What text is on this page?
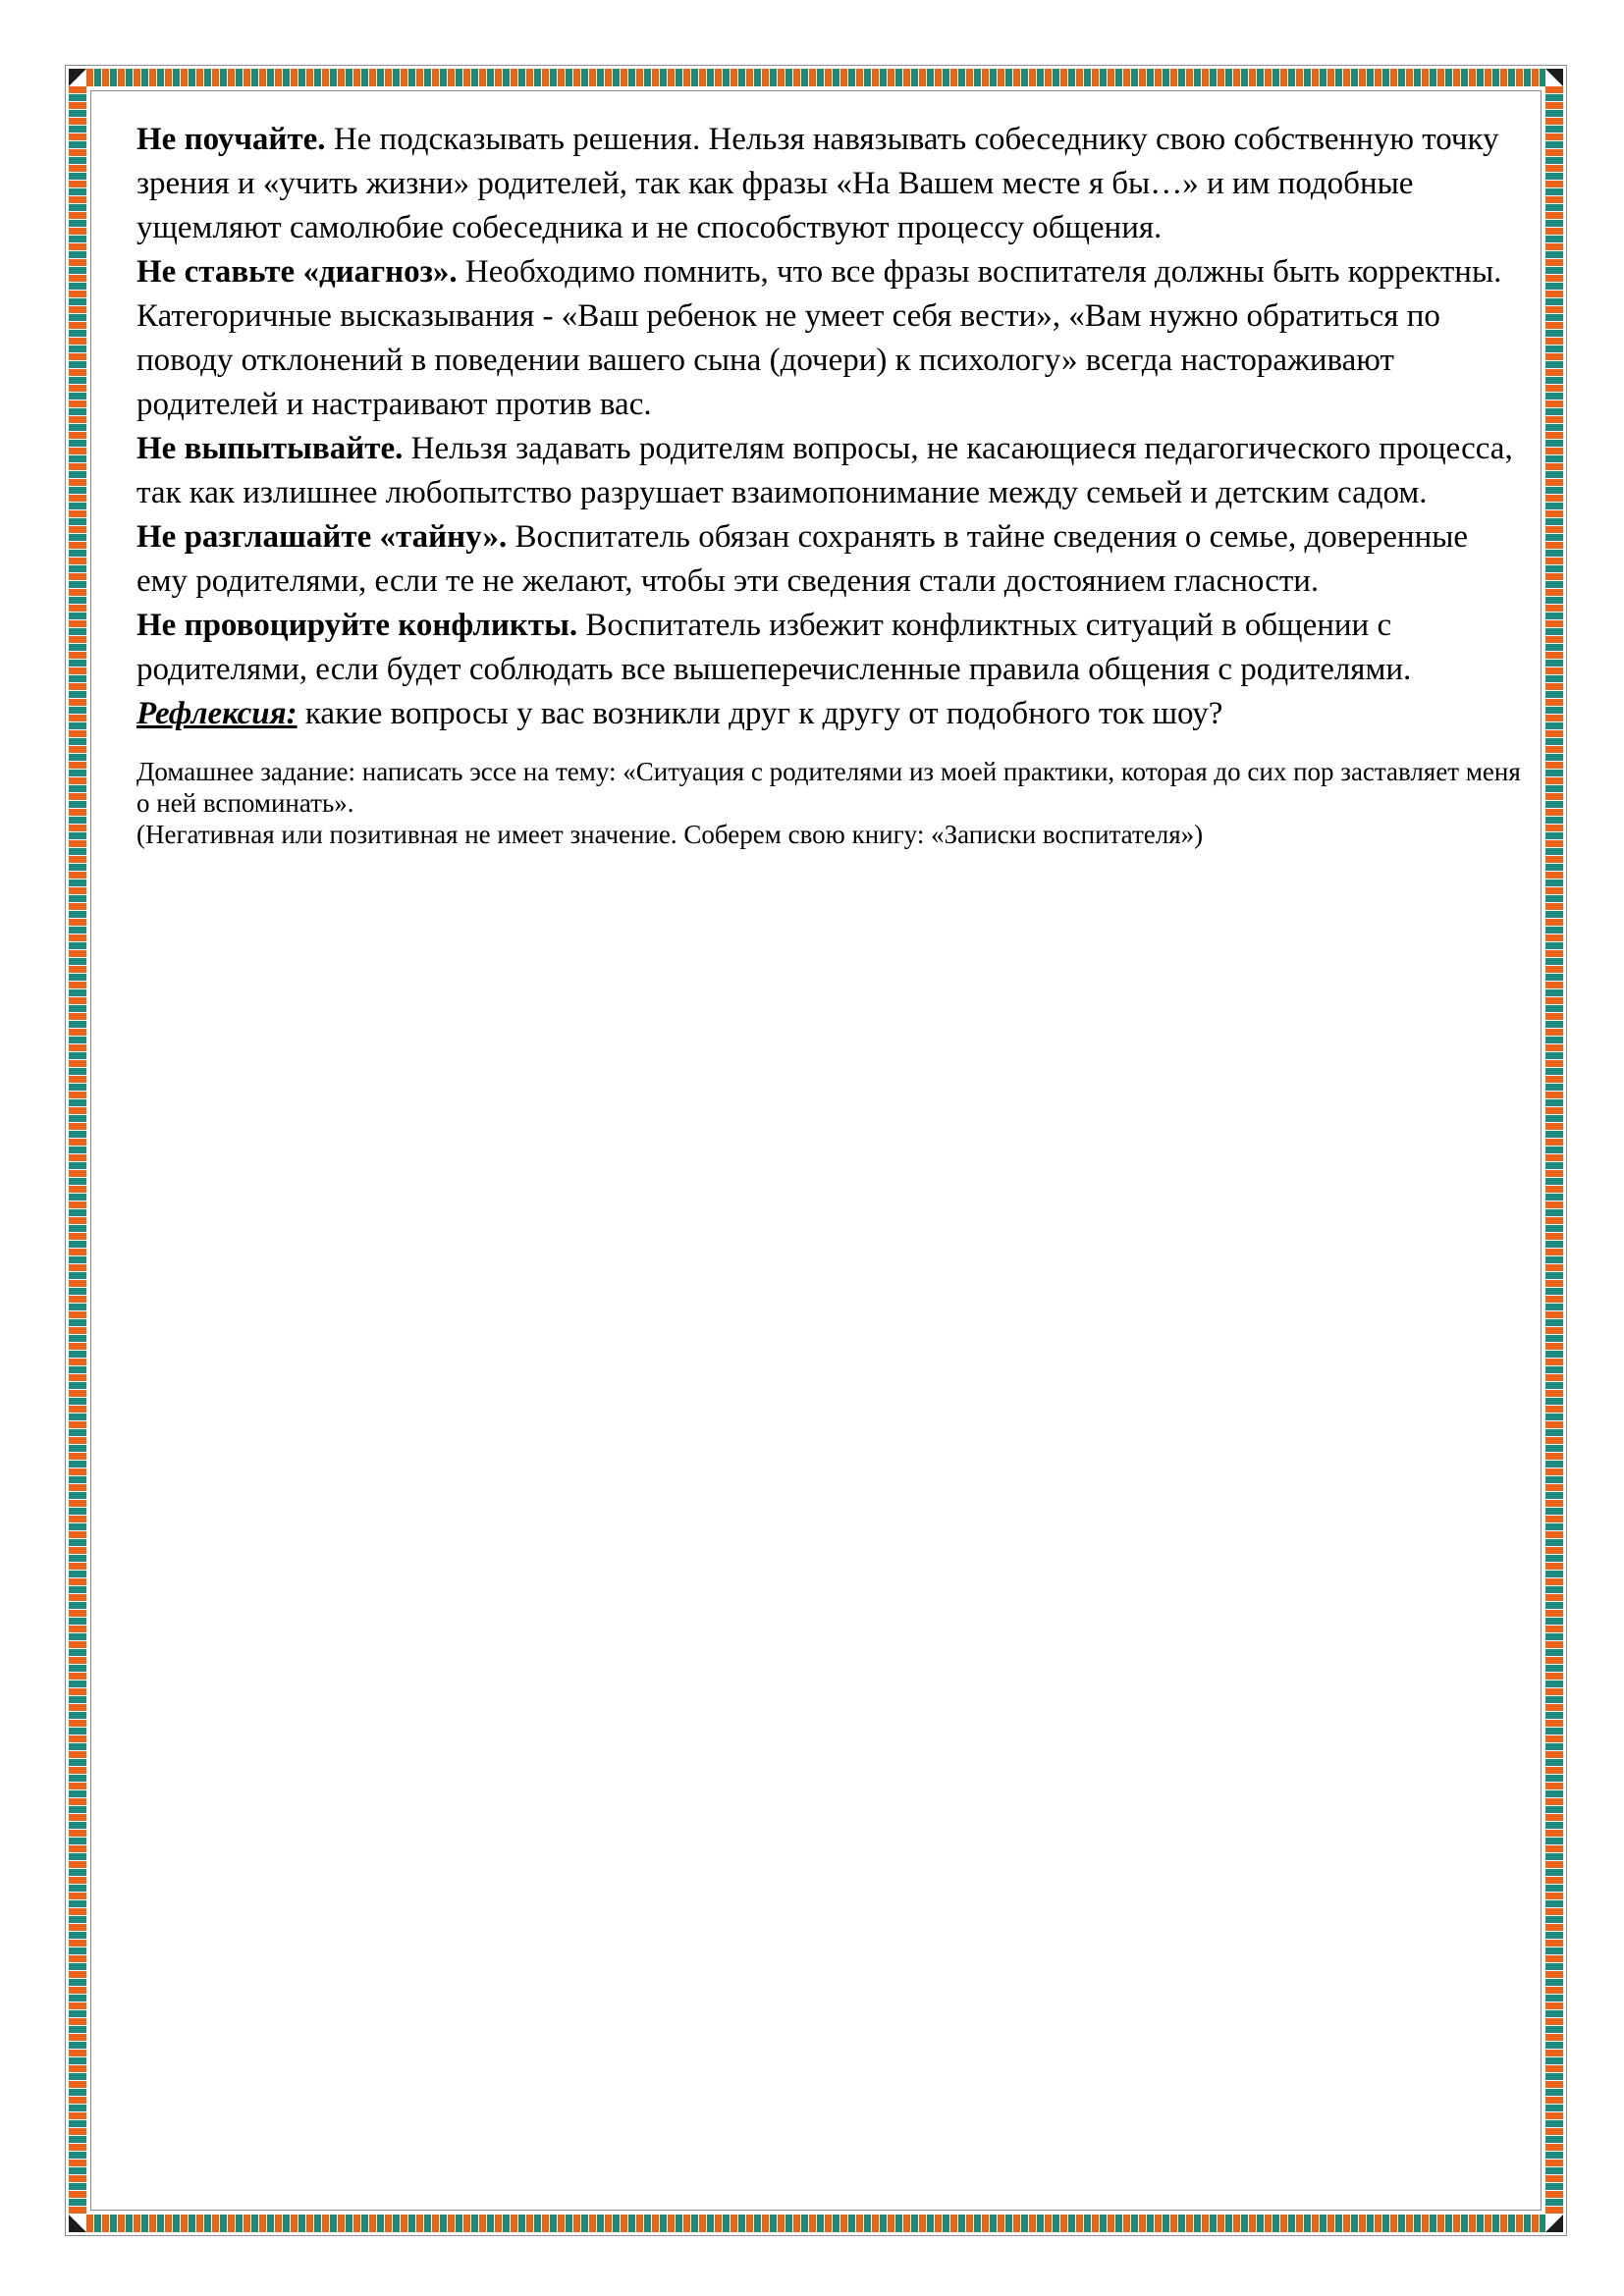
Не поучайте. Не подсказывать решения. Нельзя навязывать собеседнику свою собственную точку зрения и «учить жизни» родителей, так как фразы «На Вашем месте я бы…» и им подобные ущемляют самолюбие собеседника и не способствуют процессу общения.

Не ставьте «диагноз». Необходимо помнить, что все фразы воспитателя должны быть корректны. Категоричные высказывания - «Ваш ребенок не умеет себя вести», «Вам нужно обратиться по поводу отклонений в поведении вашего сына (дочери) к психологу» всегда настораживают родителей и настраивают против вас.

Не выпытывайте. Нельзя задавать родителям вопросы, не касающиеся педагогического процесса, так как излишнее любопытство разрушает взаимопонимание между семьей и детским садом.

Не разглашайте «тайну». Воспитатель обязан сохранять в тайне сведения о семье, доверенные ему родителями, если те не желают, чтобы эти сведения стали достоянием гласности.

Не провоцируйте конфликты. Воспитатель избежит конфликтных ситуаций в общении с родителями, если будет соблюдать все вышеперечисленные правила общения с родителями.

Рефлексия: какие вопросы у вас возникли друг к другу от подобного ток шоу?

Домашнее задание: написать эссе на тему: «Ситуация с родителями из моей практики, которая до сих пор заставляет меня о ней вспоминать».

(Негативная или позитивная не имеет значение. Соберем свою книгу: «Записки воспитателя»)
